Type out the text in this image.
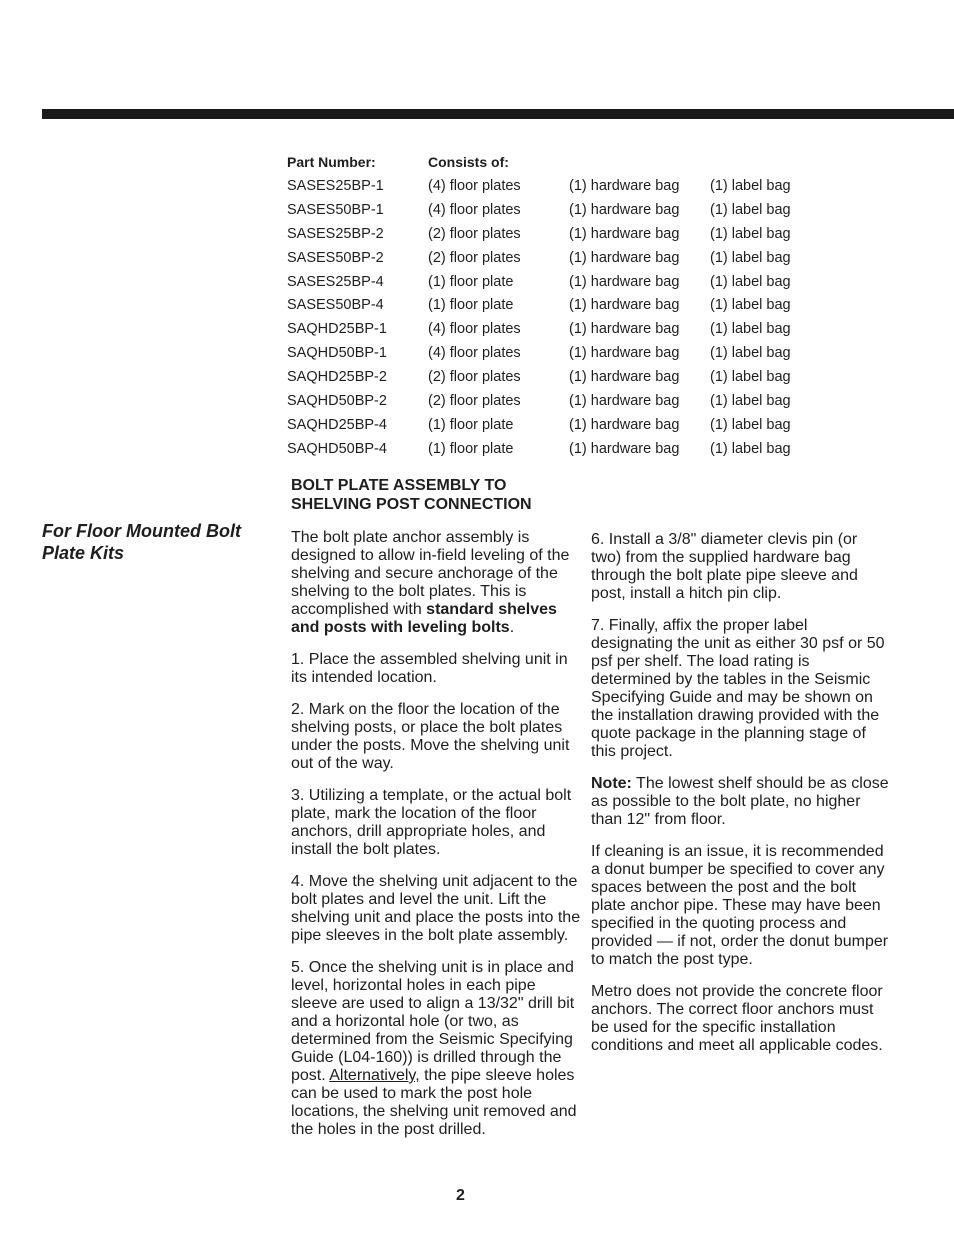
Part Number:	Consists of:		
SASES25BP-1	(4) floor plates	(1) hardware bag	(1) label bag
SASES50BP-1	(4) floor plates	(1) hardware bag	(1) label bag
SASES25BP-2	(2) floor plates	(1) hardware bag	(1) label bag
SASES50BP-2	(2) floor plates	(1) hardware bag	(1) label bag
SASES25BP-4	(1) floor plate	(1) hardware bag	(1) label bag
SASES50BP-4	(1) floor plate	(1) hardware bag	(1) label bag
SAQHD25BP-1	(4) floor plates	(1) hardware bag	(1) label bag
SAQHD50BP-1	(4) floor plates	(1) hardware bag	(1) label bag
SAQHD25BP-2	(2) floor plates	(1) hardware bag	(1) label bag
SAQHD50BP-2	(2) floor plates	(1) hardware bag	(1) label bag
SAQHD25BP-4	(1) floor plate	(1) hardware bag	(1) label bag
SAQHD50BP-4	(1) floor plate	(1) hardware bag	(1) label bag
BOLT PLATE ASSEMBLY TO SHELVING POST CONNECTION
For Floor Mounted Bolt Plate Kits

The bolt plate anchor assembly is designed to allow in-field leveling of the shelving and secure anchorage of the shelving to the bolt plates. This is accomplished with standard shelves and posts with leveling bolts.

1. Place the assembled shelving unit in its intended location.

2. Mark on the floor the location of the shelving posts, or place the bolt plates under the posts. Move the shelving unit out of the way.

3. Utilizing a template, or the actual bolt plate, mark the location of the floor anchors, drill appropriate holes, and install the bolt plates.

4. Move the shelving unit adjacent to the bolt plates and level the unit. Lift the shelving unit and place the posts into the pipe sleeves in the bolt plate assembly.

5. Once the shelving unit is in place and level, horizontal holes in each pipe sleeve are used to align a 13/32" drill bit and a horizontal hole (or two, as determined from the Seismic Specifying Guide (L04-160)) is drilled through the post. Alternatively, the pipe sleeve holes can be used to mark the post hole locations, the shelving unit removed and the holes in the post drilled.

6. Install a 3/8" diameter clevis pin (or two) from the supplied hardware bag through the bolt plate pipe sleeve and post, install a hitch pin clip.

7. Finally, affix the proper label designating the unit as either 30 psf or 50 psf per shelf. The load rating is determined by the tables in the Seismic Specifying Guide and may be shown on the installation drawing provided with the quote package in the planning stage of this project.

Note: The lowest shelf should be as close as possible to the bolt plate, no higher than 12" from floor.

If cleaning is an issue, it is recommended a donut bumper be specified to cover any spaces between the post and the bolt plate anchor pipe. These may have been specified in the quoting process and provided — if not, order the donut bumper to match the post type.

Metro does not provide the concrete floor anchors. The correct floor anchors must be used for the specific installation conditions and meet all applicable codes.

2
